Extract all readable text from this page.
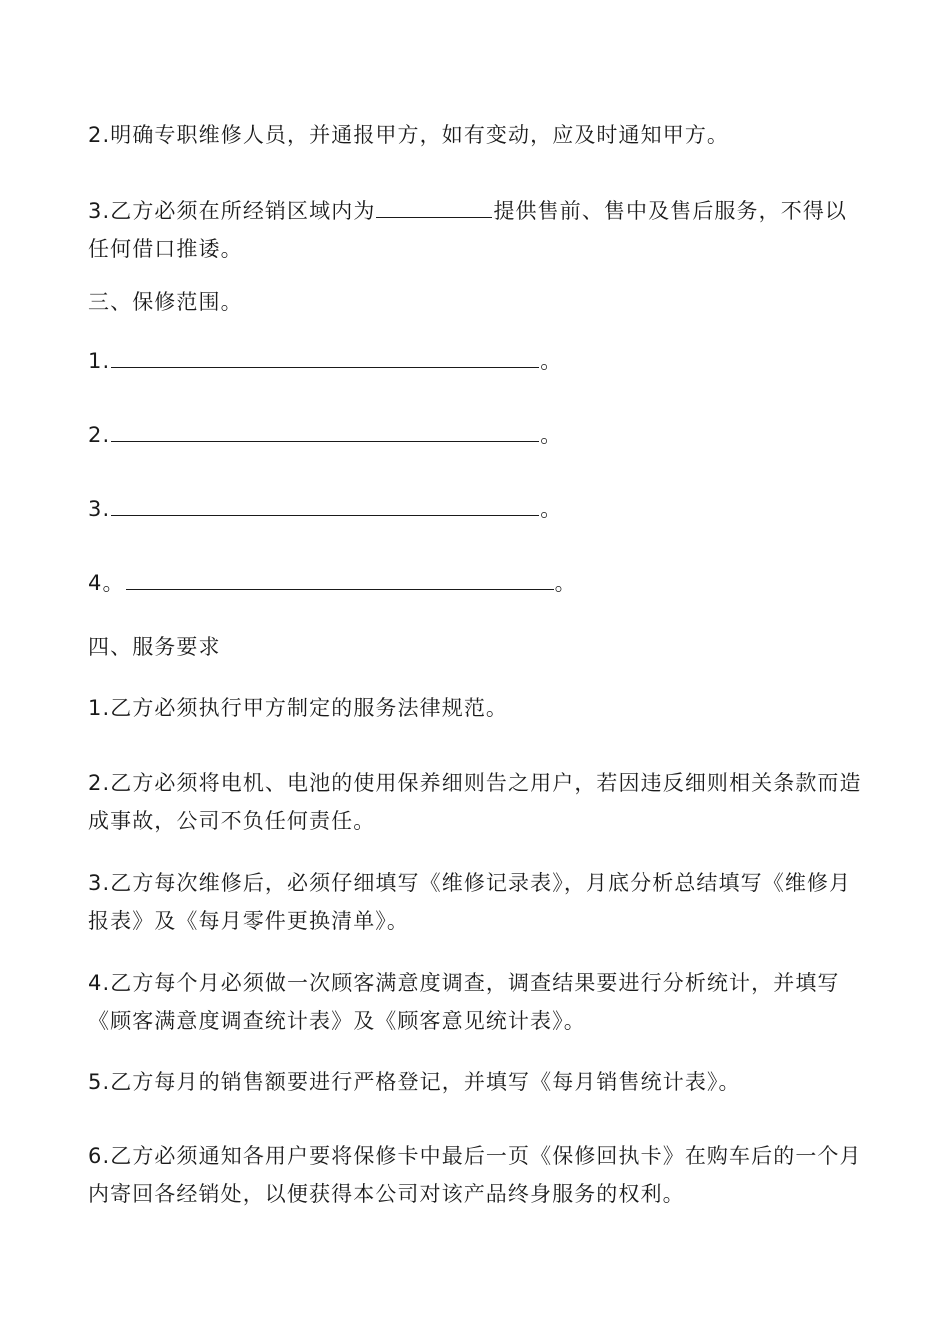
2.明确专职维修人员，并通报甲方，如有变动，应及时通知甲方。

3.乙方必须在所经销区域内为	提供售前、售中及售后服务，不得以任何借口推诿。

三、保修范围。

1.	。

2.	。

3.	。

4。	。

四、服务要求

1.乙方必须执行甲方制定的服务法律规范。

2.乙方必须将电机、电池的使用保养细则告之用户，若因违反细则相关条款而造成事故，公司不负任何责任。

3.乙方每次维修后，必须仔细填写《维修记录表》，月底分析总结填写《维修月报表》及《每月零件更换清单》。

4.乙方每个月必须做一次顾客满意度调查，调查结果要进行分析统计，并填写《顾客满意度调查统计表》及《顾客意见统计表》。

5.乙方每月的销售额要进行严格登记，并填写《每月销售统计表》。

6.乙方必须通知各用户要将保修卡中最后一页《保修回执卡》在购车后的一个月内寄回各经销处，以便获得本公司对该产品终身服务的权利。
